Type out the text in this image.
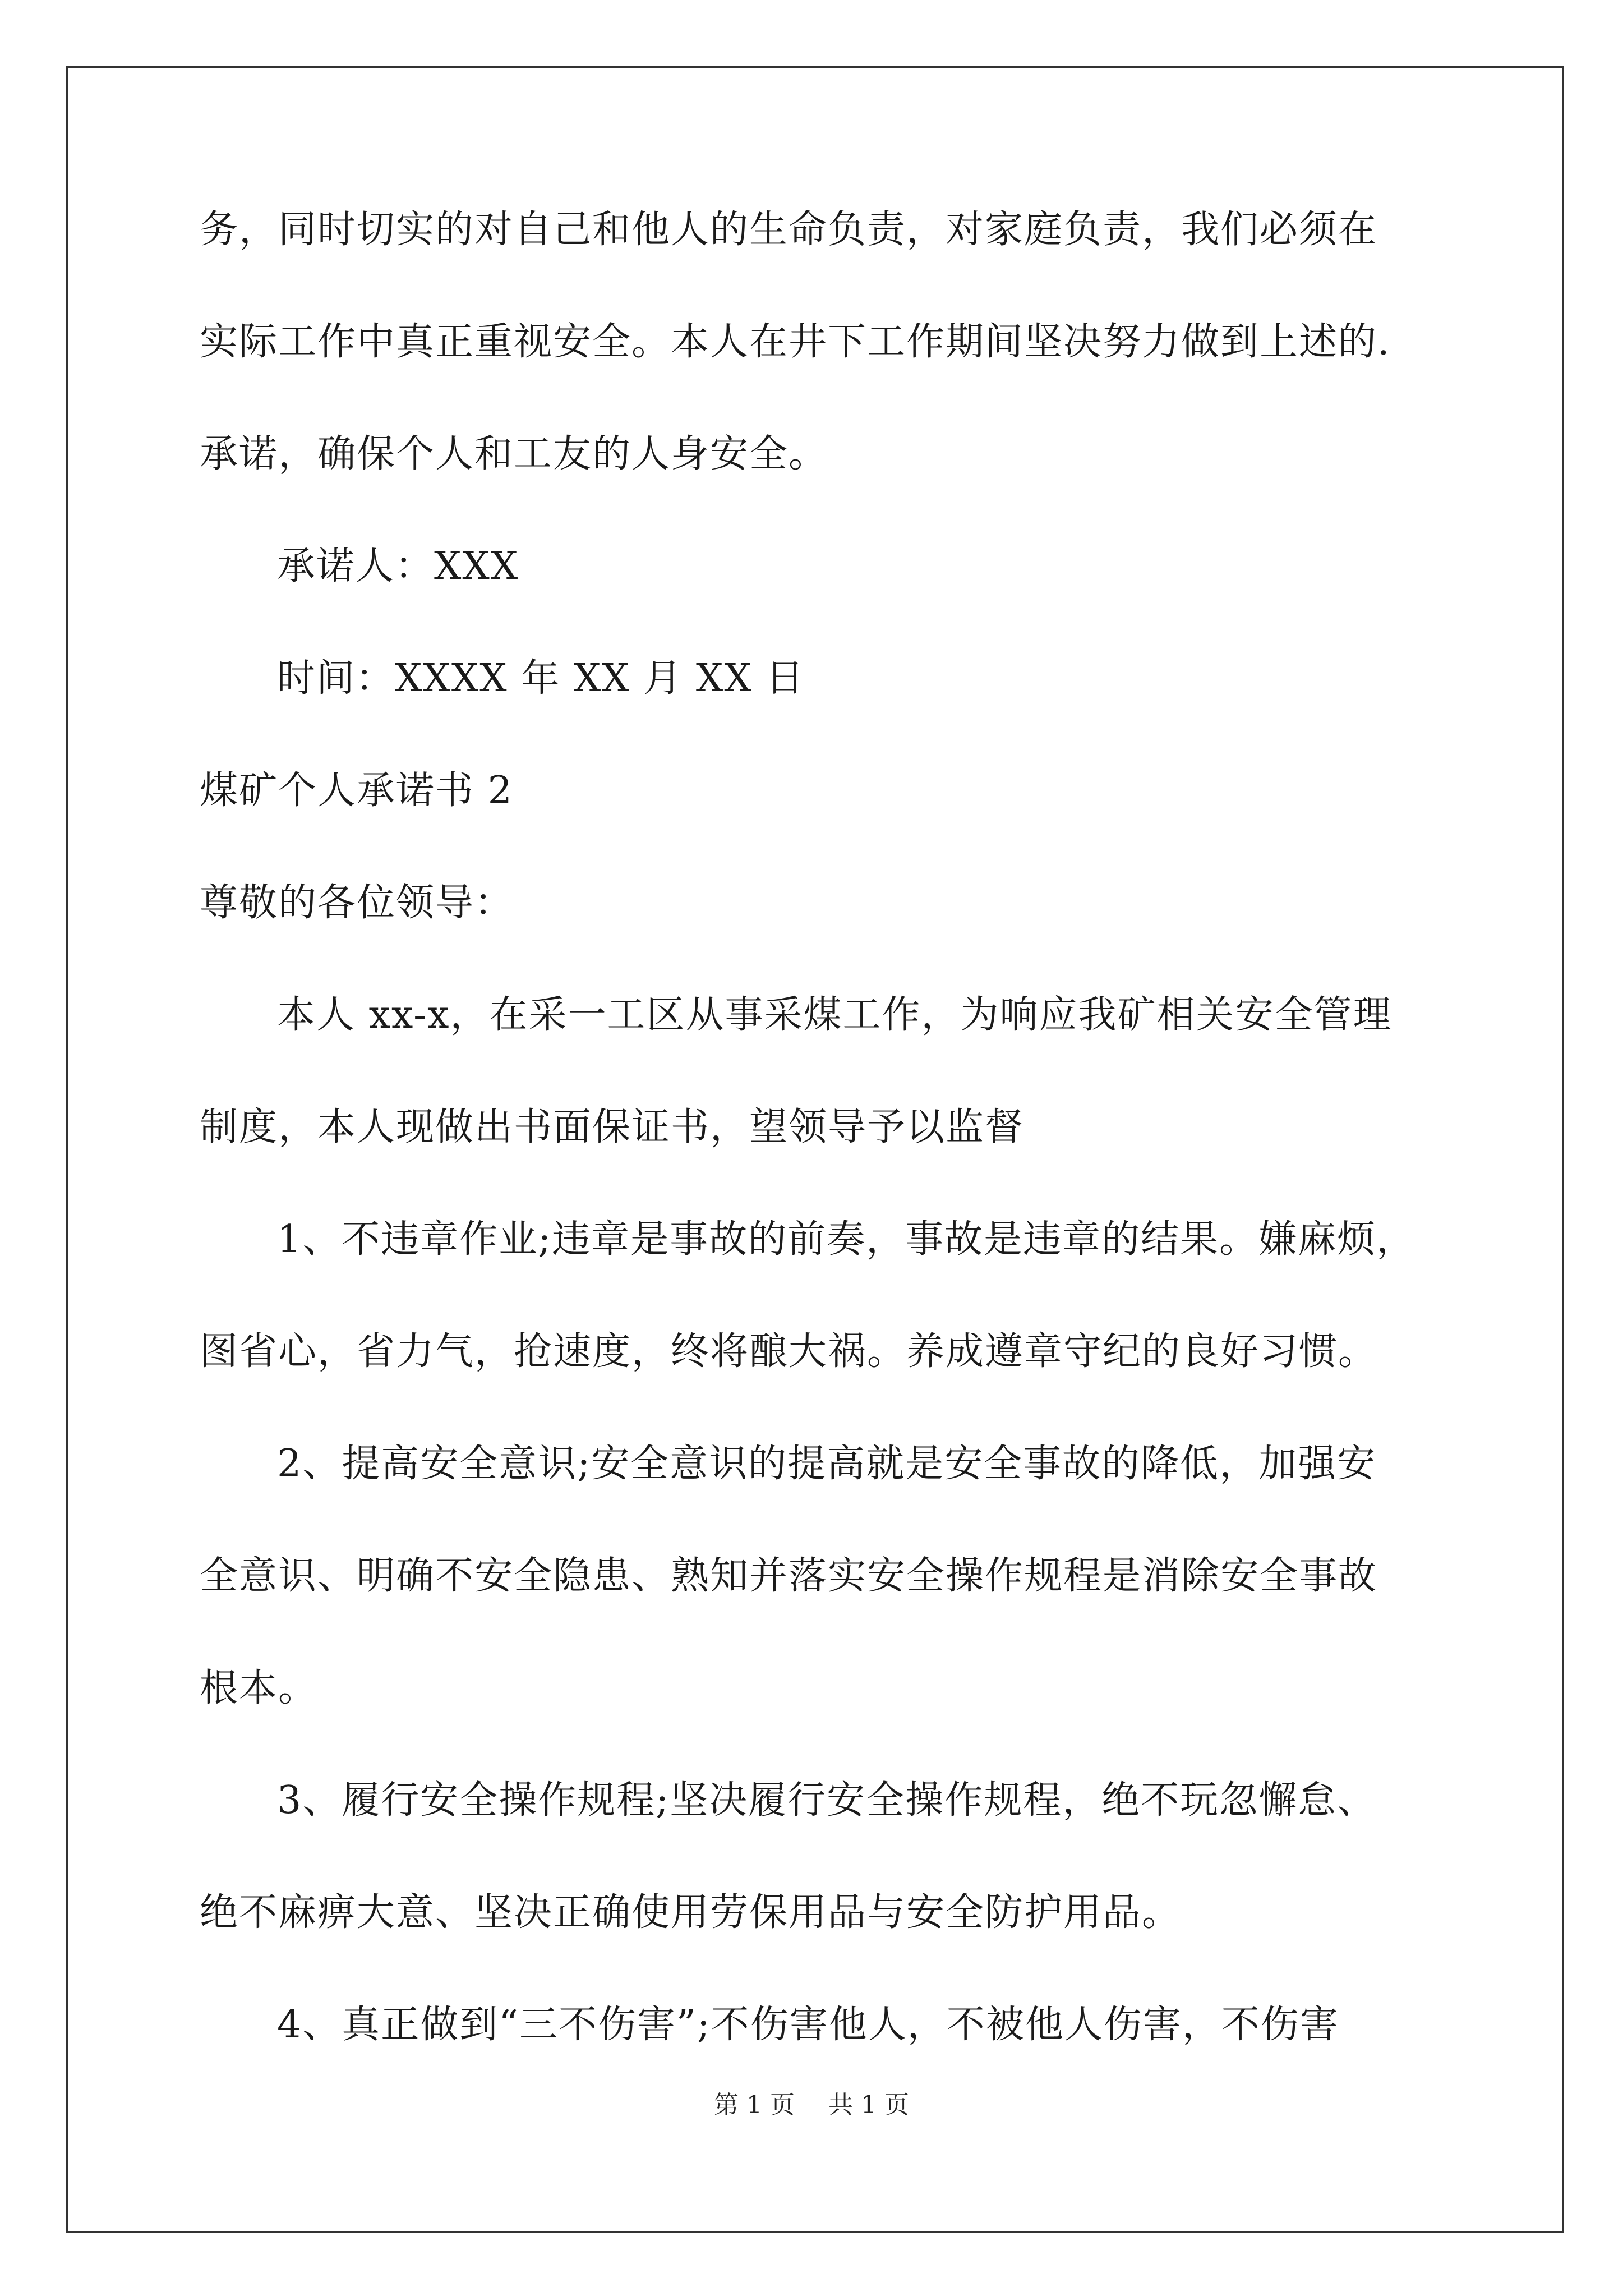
务，同时切实的对自己和他人的生命负责，对家庭负责，我们必须在
实际工作中真正重视安全。本人在井下工作期间坚决努力做到上述的.
承诺，确保个人和工友的人身安全。
承诺人：XXX
时间：XXXX 年 XX 月 XX 日
煤矿个人承诺书 2
尊敬的各位领导：
本人 xx-x，在采一工区从事采煤工作，为响应我矿相关安全管理
制度，本人现做出书面保证书，望领导予以监督
1、不违章作业;违章是事故的前奏，事故是违章的结果。嫌麻烦，
图省心，省力气，抢速度，终将酿大祸。养成遵章守纪的良好习惯。
2、提高安全意识;安全意识的提高就是安全事故的降低，加强安
全意识、明确不安全隐患、熟知并落实安全操作规程是消除安全事故
根本。
3、履行安全操作规程;坚决履行安全操作规程，绝不玩忽懈怠、
绝不麻痹大意、坚决正确使用劳保用品与安全防护用品。
4、真正做到“三不伤害”;不伤害他人，不被他人伤害，不伤害
第 1 页 共 1 页
